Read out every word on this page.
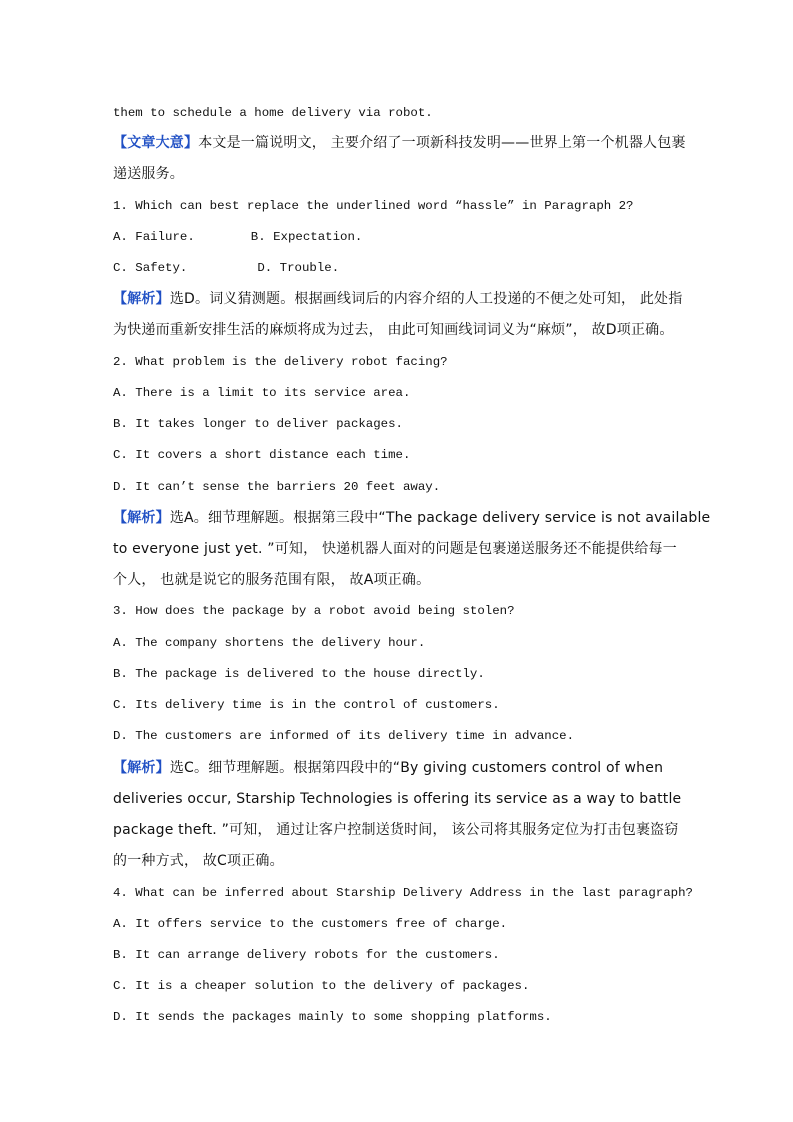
them to schedule a home delivery via robot.
【文章大意】本文是一篇说明文， 主要介绍了一项新科技发明——世界上第一个机器人包裹
递送服务。
1. Which can best replace the underlined word “hassle” in Paragraph 2?
A. Failure.	B. Expectation.
C. Safety.	D. Trouble.
【解析】选D。词义猜测题。根据画线词后的内容介绍的人工投递的不便之处可知， 此处指
为快递而重新安排生活的麻烦将成为过去， 由此可知画线词词义为“麻烦”， 故D项正确。
2. What problem is the delivery robot facing?
A. There is a limit to its service area.
B. It takes longer to deliver packages.
C. It covers a short distance each time.
D. It can’t sense the barriers 20 feet away.
【解析】选A。细节理解题。根据第三段中“The package delivery service is not available
to everyone just yet. ”可知， 快递机器人面对的问题是包裹递送服务还不能提供给每一
个人， 也就是说它的服务范围有限， 故A项正确。
3. How does the package by a robot avoid being stolen?
A. The company shortens the delivery hour.
B. The package is delivered to the house directly.
C. Its delivery time is in the control of customers.
D. The customers are informed of its delivery time in advance.
【解析】选C。细节理解题。根据第四段中的“By giving customers control of when
deliveries occur, Starship Technologies is offering its service as a way to battle
package theft. ”可知， 通过让客户控制送货时间， 该公司将其服务定位为打击包裹盗窃
的一种方式， 故C项正确。
4. What can be inferred about Starship Delivery Address in the last paragraph?
A. It offers service to the customers free of charge.
B. It can arrange delivery robots for the customers.
C. It is a cheaper solution to the delivery of packages.
D. It sends the packages mainly to some shopping platforms.
